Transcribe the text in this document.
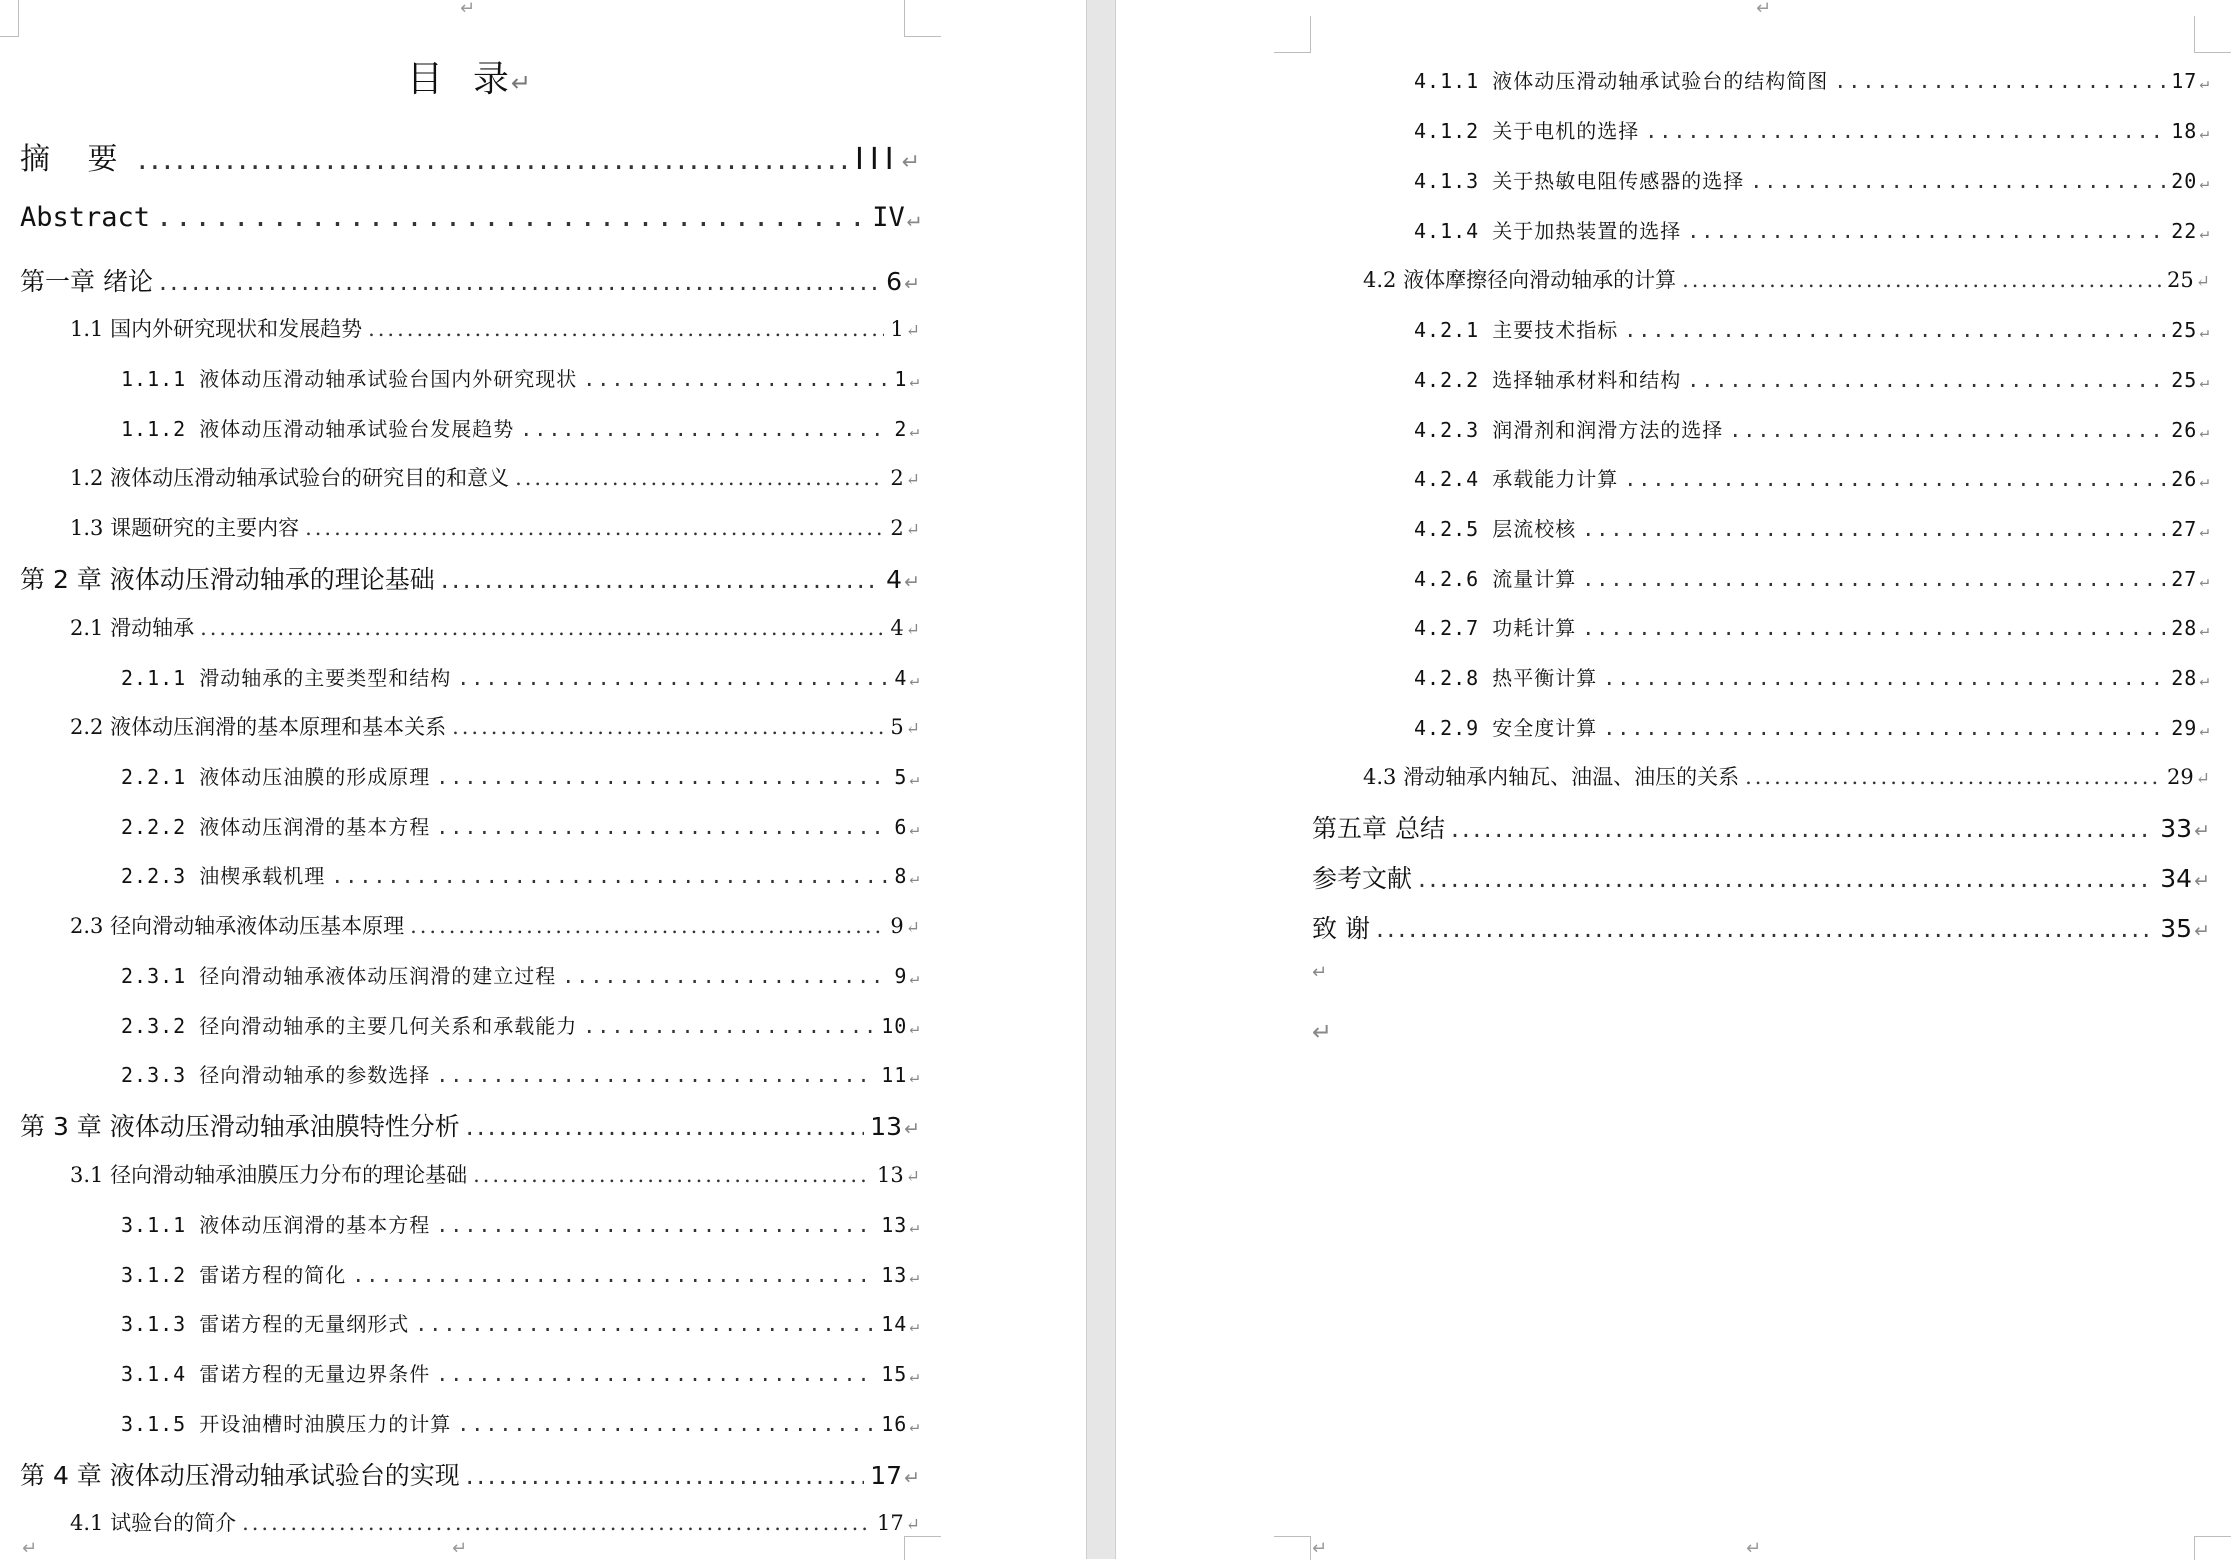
↵
↵	↵
目 录↵
摘 要 .....	III ↵
Abstract .....	IV ↵
第一章 绪论 .....	6 ↵
1.1 国内外研究现状和发展趋势 .....	1 ↵
1.1.1 液体动压滑动轴承试验台国内外研究现状 .....	1 ↵
1.1.2 液体动压滑动轴承试验台发展趋势 .....	2 ↵
1.2 液体动压滑动轴承试验台的研究目的和意义 .....	2 ↵
1.3 课题研究的主要内容 .....	2 ↵
第 2 章 液体动压滑动轴承的理论基础 .....	4 ↵
2.1 滑动轴承 .....	4 ↵
2.1.1 滑动轴承的主要类型和结构 .....	4 ↵
2.2 液体动压润滑的基本原理和基本关系 .....	5 ↵
2.2.1 液体动压油膜的形成原理 .....	5 ↵
2.2.2 液体动压润滑的基本方程 .....	6 ↵
2.2.3 油楔承载机理 .....	8 ↵
2.3 径向滑动轴承液体动压基本原理 .....	9 ↵
2.3.1 径向滑动轴承液体动压润滑的建立过程 .....	9 ↵
2.3.2 径向滑动轴承的主要几何关系和承载能力 .....	10 ↵
2.3.3 径向滑动轴承的参数选择 .....	11 ↵
第 3 章 液体动压滑动轴承油膜特性分析 .....	13 ↵
3.1 径向滑动轴承油膜压力分布的理论基础 .....	13 ↵
3.1.1 液体动压润滑的基本方程 .....	13 ↵
3.1.2 雷诺方程的简化 .....	13 ↵
3.1.3 雷诺方程的无量纲形式 .....	14 ↵
3.1.4 雷诺方程的无量边界条件 .....	15 ↵
3.1.5 开设油槽时油膜压力的计算 .....	16 ↵
第 4 章 液体动压滑动轴承试验台的实现 .....	17 ↵
4.1 试验台的简介 .....	17 ↵
↵
↵	↵
4.1.1 液体动压滑动轴承试验台的结构简图 .....	17 ↵
4.1.2 关于电机的选择 .....	18 ↵
4.1.3 关于热敏电阻传感器的选择 .....	20 ↵
4.1.4 关于加热装置的选择 .....	22 ↵
4.2 液体摩擦径向滑动轴承的计算 .....	25 ↵
4.2.1 主要技术指标 .....	25 ↵
4.2.2 选择轴承材料和结构 .....	25 ↵
4.2.3 润滑剂和润滑方法的选择 .....	26 ↵
4.2.4 承载能力计算 .....	26 ↵
4.2.5 层流校核 .....	27 ↵
4.2.6 流量计算 .....	27 ↵
4.2.7 功耗计算 .....	28 ↵
4.2.8 热平衡计算 .....	28 ↵
4.2.9 安全度计算 .....	29 ↵
4.3 滑动轴承内轴瓦、油温、油压的关系 .....	29 ↵
第五章 总结 .....	33 ↵
参考文献 .....	34 ↵
致 谢 .....	35 ↵
↵
↵
